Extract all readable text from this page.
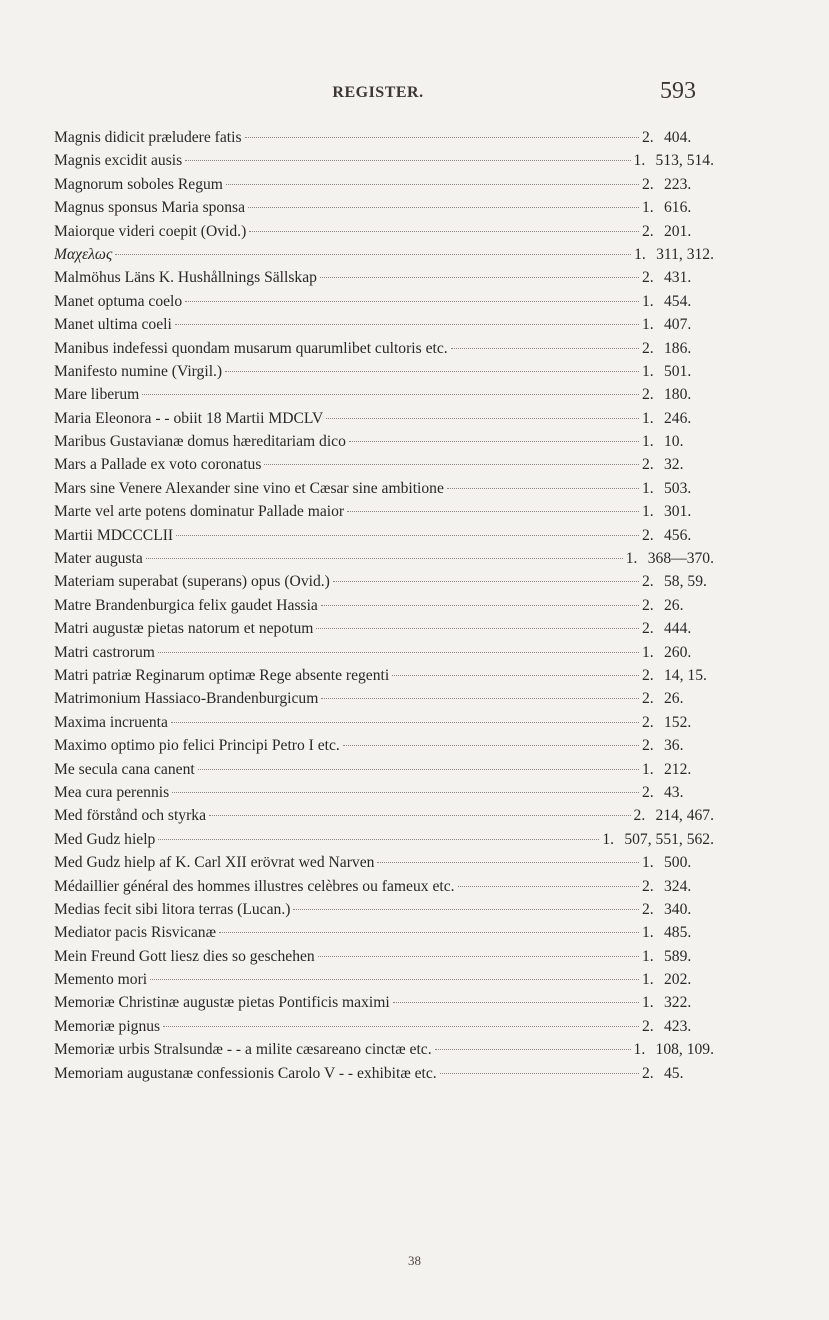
REGISTER.	593
Magnis didicit præludere fatis	2. 404.
Magnis excidit ausis	1. 513, 514.
Magnorum soboles Regum	2. 223.
Magnus sponsus Maria sponsa	1. 616.
Maiorque videri coepit (Ovid.)	2. 201.
Μαχελως	1. 311, 312.
Malmöhus Läns K. Hushållnings Sällskap	2. 431.
Manet optuma coelo	1. 454.
Manet ultima coeli	1. 407.
Manibus indefessi quondam musarum quarumlibet cultoris etc.	2. 186.
Manifesto numine (Virgil.)	1. 501.
Mare liberum	2. 180.
Maria Eleonora - - obiit 18 Martii MDCLV	1. 246.
Maribus Gustavianæ domus hæreditariam dico	1. 10.
Mars a Pallade ex voto coronatus	2. 32.
Mars sine Venere Alexander sine vino et Cæsar sine ambitione	1. 503.
Marte vel arte potens dominatur Pallade maior	1. 301.
Martii MDCCCLII	2. 456.
Mater augusta	1. 368—370.
Materiam superabat (superans) opus (Ovid.)	2. 58, 59.
Matre Brandenburgica felix gaudet Hassia	2. 26.
Matri augustæ pietas natorum et nepotum	2. 444.
Matri castrorum	1. 260.
Matri patriæ Reginarum optimæ Rege absente regenti	2. 14, 15.
Matrimonium Hassiaco-Brandenburgicum	2. 26.
Maxima incruenta	2. 152.
Maximo optimo pio felici Principi Petro I etc.	2. 36.
Me secula cana canent	1. 212.
Mea cura perennis	2. 43.
Med förstånd och styrka	2. 214, 467.
Med Gudz hielp	1. 507, 551, 562.
Med Gudz hielp af K. Carl XII erövrat wed Narven	1. 500.
Médaillier général des hommes illustres celèbres ou fameux etc.	2. 324.
Medias fecit sibi litora terras (Lucan.)	2. 340.
Mediator pacis Risvicanæ	1. 485.
Mein Freund Gott liesz dies so geschehen	1. 589.
Memento mori	1. 202.
Memoriæ Christinæ augustæ pietas Pontificis maximi	1. 322.
Memoriæ pignus	2. 423.
Memoriæ urbis Stralsundæ - - a milite cæsareano cinctæ etc.	1. 108, 109.
Memoriam augustanæ confessionis Carolo V - - exhibitæ etc.	2. 45.
38
